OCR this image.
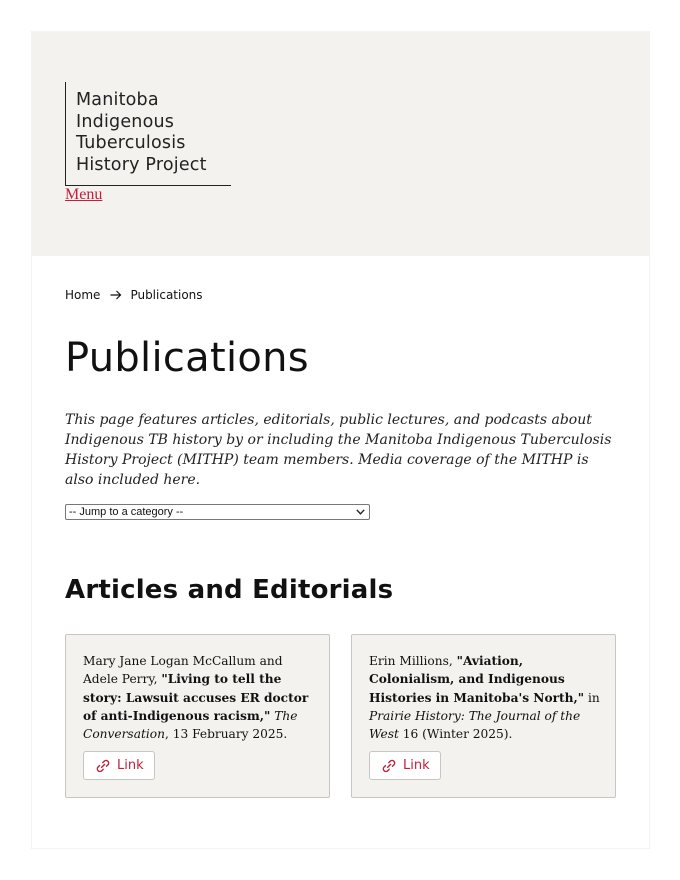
Manitoba
Indigenous
Tuberculosis
History Project
Menu
Home	Publications
Publications

This page features articles, editorials, public lectures, and podcasts about Indigenous TB history by or including the Manitoba Indigenous Tuberculosis History Project (MITHP) team members. Media coverage of the MITHP is also included here.

-- Jump to a category --
Articles and Editorials
Mary Jane Logan McCallum and Adele Perry, "Living to tell the story: Lawsuit accuses ER doctor of anti-Indigenous racism," The Conversation, 13 February 2025.
Link
Erin Millions, "Aviation, Colonialism, and Indigenous Histories in Manitoba's North," in Prairie History: The Journal of the West 16 (Winter 2025).
Link
